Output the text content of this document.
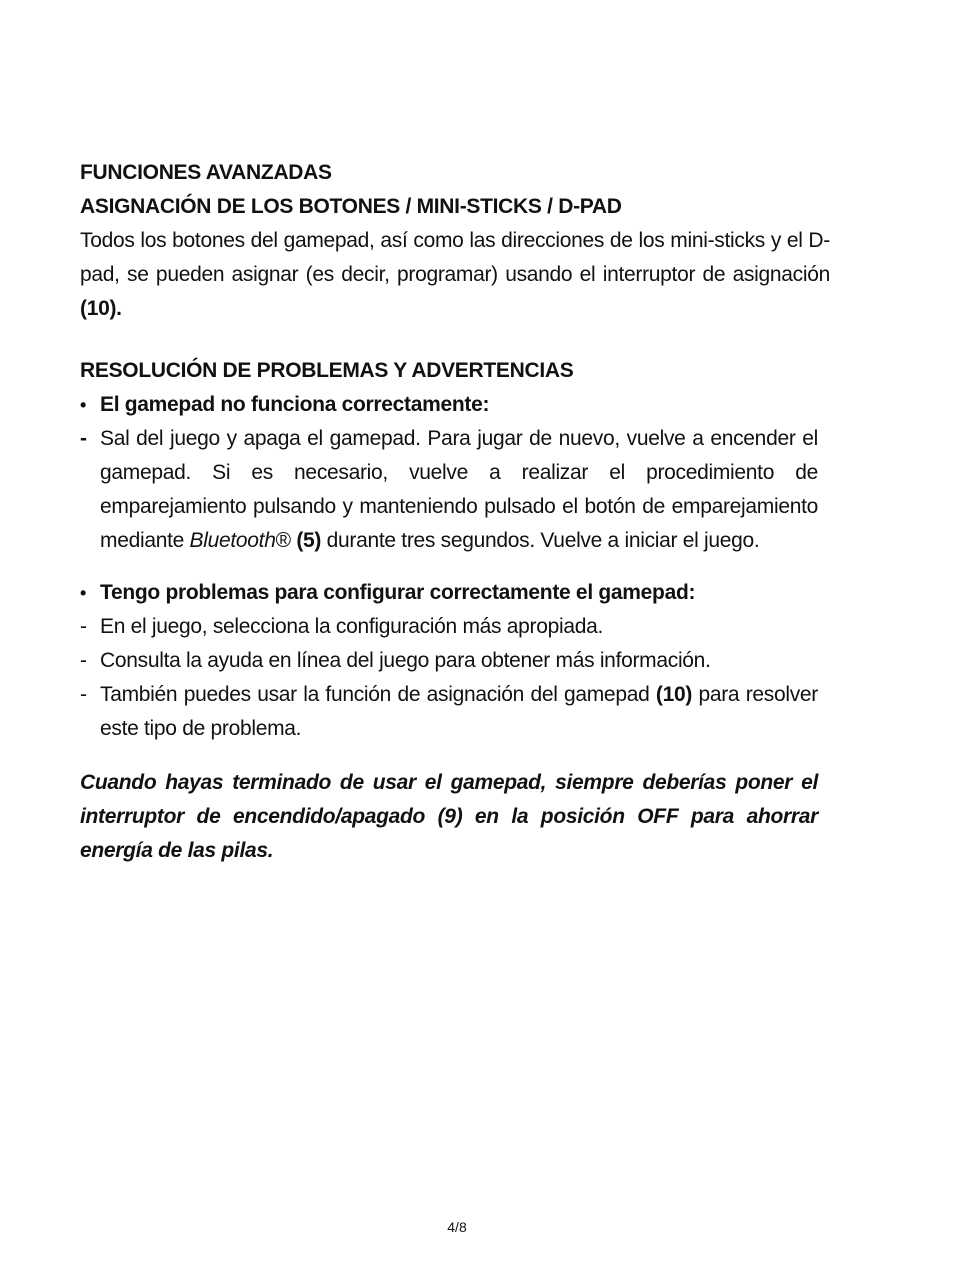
FUNCIONES AVANZADAS

ASIGNACIÓN DE LOS BOTONES / MINI-STICKS / D-PAD

Todos los botones del gamepad, así como las direcciones de los mini-sticks y el D-pad, se pueden asignar (es decir, programar) usando el interruptor de asignación (10).

RESOLUCIÓN DE PROBLEMAS Y ADVERTENCIAS

• El gamepad no funciona correctamente:

- Sal del juego y apaga el gamepad. Para jugar de nuevo, vuelve a encender el gamepad. Si es necesario, vuelve a realizar el procedimiento de emparejamiento pulsando y manteniendo pulsado el botón de emparejamiento mediante Bluetooth® (5) durante tres segundos. Vuelve a iniciar el juego.

• Tengo problemas para configurar correctamente el gamepad:

- En el juego, selecciona la configuración más apropiada.

- Consulta la ayuda en línea del juego para obtener más información.

- También puedes usar la función de asignación del gamepad (10) para resolver este tipo de problema.

Cuando hayas terminado de usar el gamepad, siempre deberías poner el interruptor de encendido/apagado (9) en la posición OFF para ahorrar energía de las pilas.

4/8
